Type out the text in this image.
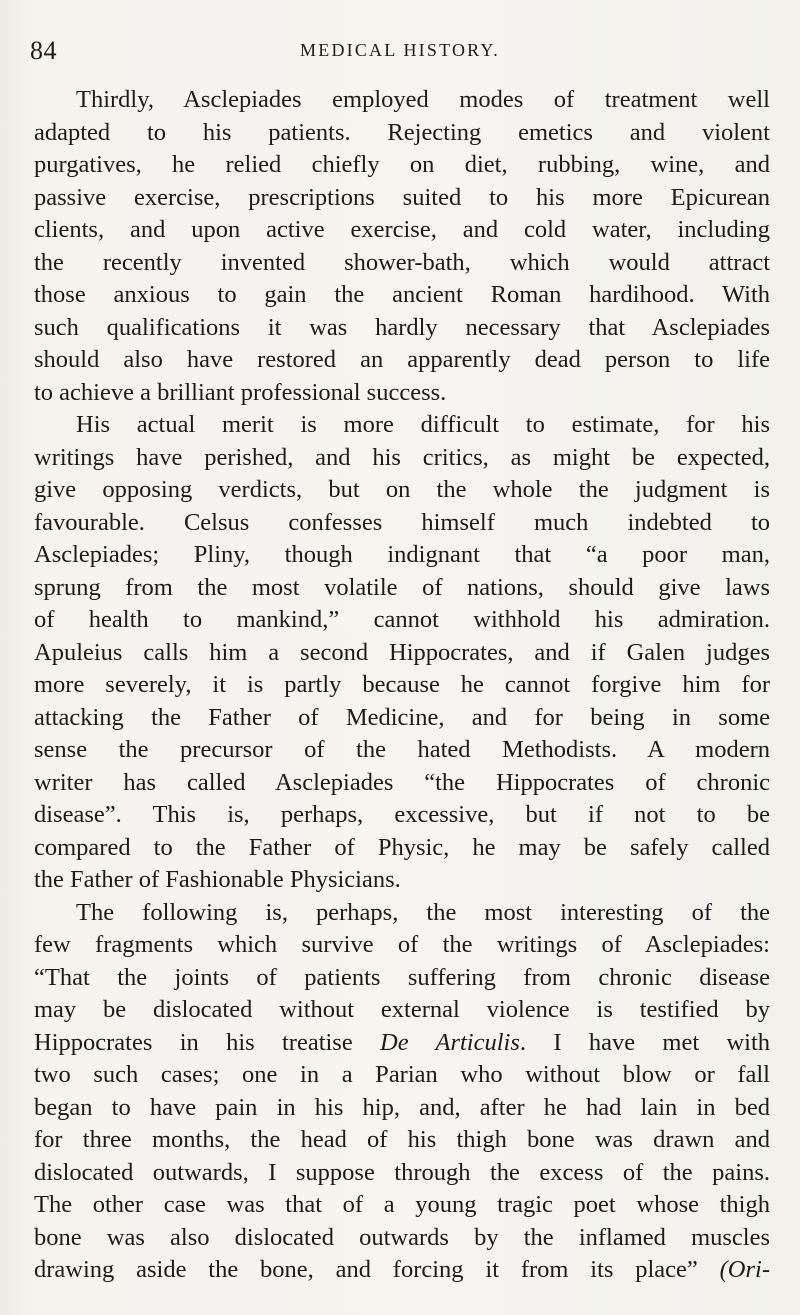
84	MEDICAL HISTORY.
Thirdly, Asclepiades employed modes of treatment well
adapted to his patients. Rejecting emetics and violent
purgatives, he relied chiefly on diet, rubbing, wine, and
passive exercise, prescriptions suited to his more Epicurean
clients, and upon active exercise, and cold water, including
the recently invented shower-bath, which would attract
those anxious to gain the ancient Roman hardihood. With
such qualifications it was hardly necessary that Asclepiades
should also have restored an apparently dead person to life
to achieve a brilliant professional success.
His actual merit is more difficult to estimate, for his
writings have perished, and his critics, as might be expected,
give opposing verdicts, but on the whole the judgment is
favourable. Celsus confesses himself much indebted to
Asclepiades; Pliny, though indignant that “a poor man,
sprung from the most volatile of nations, should give laws
of health to mankind,” cannot withhold his admiration.
Apuleius calls him a second Hippocrates, and if Galen judges
more severely, it is partly because he cannot forgive him for
attacking the Father of Medicine, and for being in some
sense the precursor of the hated Methodists. A modern
writer has called Asclepiades “the Hippocrates of chronic
disease”. This is, perhaps, excessive, but if not to be
compared to the Father of Physic, he may be safely called
the Father of Fashionable Physicians.
The following is, perhaps, the most interesting of the
few fragments which survive of the writings of Asclepiades:
“That the joints of patients suffering from chronic disease
may be dislocated without external violence is testified by
Hippocrates in his treatise De Articulis. I have met with
two such cases; one in a Parian who without blow or fall
began to have pain in his hip, and, after he had lain in bed
for three months, the head of his thigh bone was drawn and
dislocated outwards, I suppose through the excess of the pains.
The other case was that of a young tragic poet whose thigh
bone was also dislocated outwards by the inflamed muscles
drawing aside the bone, and forcing it from its place” (Ori-
